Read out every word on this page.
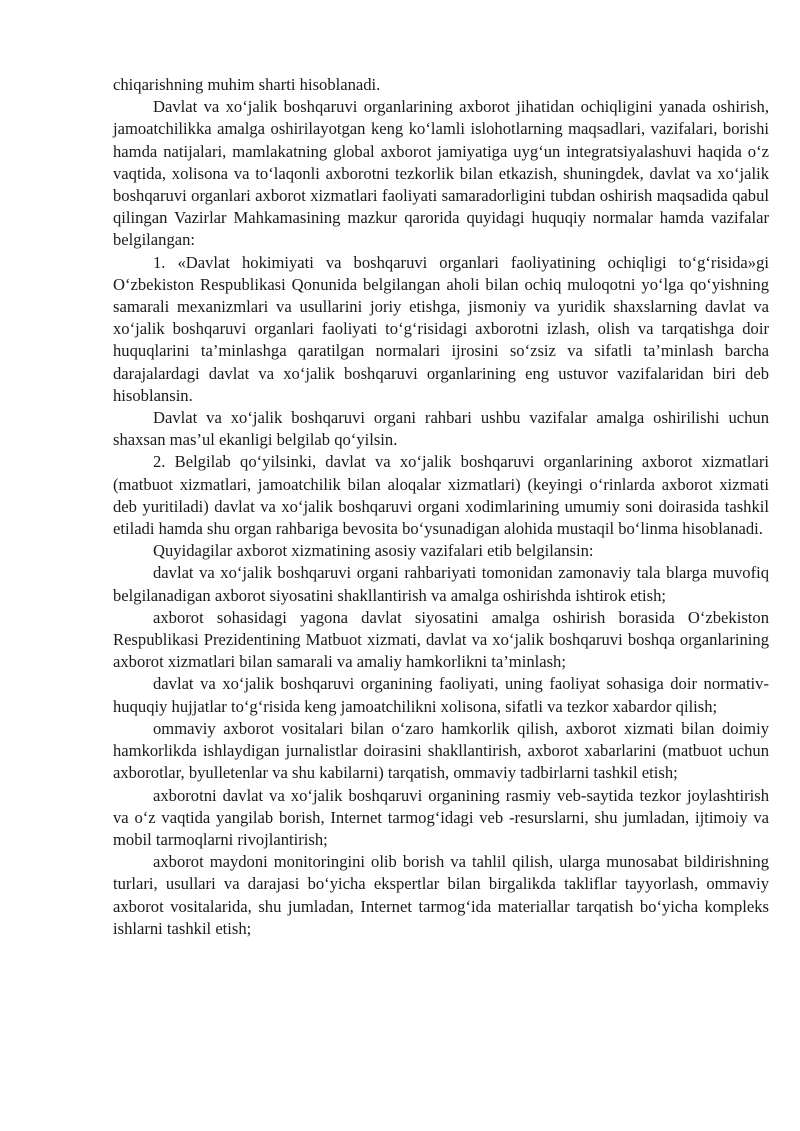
chiqarishning muhim sharti hisoblanadi.

Davlat va xo‘jalik boshqaruvi organlarining axborot jihatidan ochiqligini yanada oshirish, jamoatchilikka amalga oshirilayotgan keng ko‘lamli islohotlarning maqsadlari, vazifalari, borishi hamda natijalari, mamlakatning global axborot jamiyatiga uyg‘un integratsiyalashuvi haqida o‘z vaqtida, xolisona va to‘laqonli axborotni tezkorlik bilan etkazish, shuningdek, davlat va xo‘jalik boshqaruvi organlari axborot xizmatlari faoliyati samaradorligini tubdan oshirish maqsadida qabul qilingan Vazirlar Mahkamasining mazkur qarorida quyidagi huquqiy normalar hamda vazifalar belgilangan:

1. «Davlat hokimiyati va boshqaruvi organlari faoliyatining ochiqligi to‘g‘risida»gi O‘zbekiston Respublikasi Qonunida belgilangan aholi bilan ochiq muloqotni yo‘lga qo‘yishning samarali mexanizmlari va usullarini joriy etishga, jismoniy va yuridik shaxslarning davlat va xo‘jalik boshqaruvi organlari faoliyati to‘g‘risidagi axborotni izlash, olish va tarqatishga doir huquqlarini ta’minlashga qaratilgan normalari ijrosini so‘zsiz va sifatli ta’minlash barcha darajalardagi davlat va xo‘jalik boshqaruvi organlarining eng ustuvor vazifalaridan biri deb hisoblansin.

Davlat va xo‘jalik boshqaruvi organi rahbari ushbu vazifalar amalga oshirilishi uchun shaxsan mas’ul ekanligi belgilab qo‘yilsin.

2. Belgilab qo‘yilsinki, davlat va xo‘jalik boshqaruvi organlarining axborot xizmatlari (matbuot xizmatlari, jamoatchilik bilan aloqalar xizmatlari) (keyingi o‘rinlarda axborot xizmati deb yuritiladi) davlat va xo‘jalik boshqaruvi organi xodimlarining umumiy soni doirasida tashkil etiladi hamda shu organ rahbariga bevosita bo‘ysunadigan alohida mustaqil bo‘linma hisoblanadi.

Quyidagilar axborot xizmatining asosiy vazifalari etib belgilansin:

davlat va xo‘jalik boshqaruvi organi rahbariyati tomonidan zamonaviy tala blarga muvofiq belgilanadigan axborot siyosatini shakllantirish va amalga oshirishda ishtirok etish;

axborot sohasidagi yagona davlat siyosatini amalga oshirish borasida O‘zbekiston Respublikasi Prezidentining Matbuot xizmati, davlat va xo‘jalik boshqaruvi boshqa organlarining axborot xizmatlari bilan samarali va amaliy hamkorlikni ta’minlash;

davlat va xo‘jalik boshqaruvi organining faoliyati, uning faoliyat sohasiga doir normativ-huquqiy hujjatlar to‘g‘risida keng jamoatchilikni xolisona, sifatli va tezkor xabardor qilish;

ommaviy axborot vositalari bilan o‘zaro hamkorlik qilish, axborot xizmati bilan doimiy hamkorlikda ishlaydigan jurnalistlar doirasini shakllantirish, axborot xabarlarini (matbuot uchun axborotlar, byulletenlar va shu kabilarni) tarqatish, ommaviy tadbirlarni tashkil etish;

axborotni davlat va xo‘jalik boshqaruvi organining rasmiy veb-saytida tezkor joylashtirish va o‘z vaqtida yangilab borish, Internet tarmog‘idagi veb -resurslarni, shu jumladan, ijtimoiy va mobil tarmoqlarni rivojlantirish;

axborot maydoni monitoringini olib borish va tahlil qilish, ularga munosabat bildirishning turlari, usullari va darajasi bo‘yicha ekspertlar bilan birgalikda takliflar tayyorlash, ommaviy axborot vositalarida, shu jumladan, Internet tarmog‘ida materiallar tarqatish bo‘yicha kompleks ishlarni tashkil etish;
